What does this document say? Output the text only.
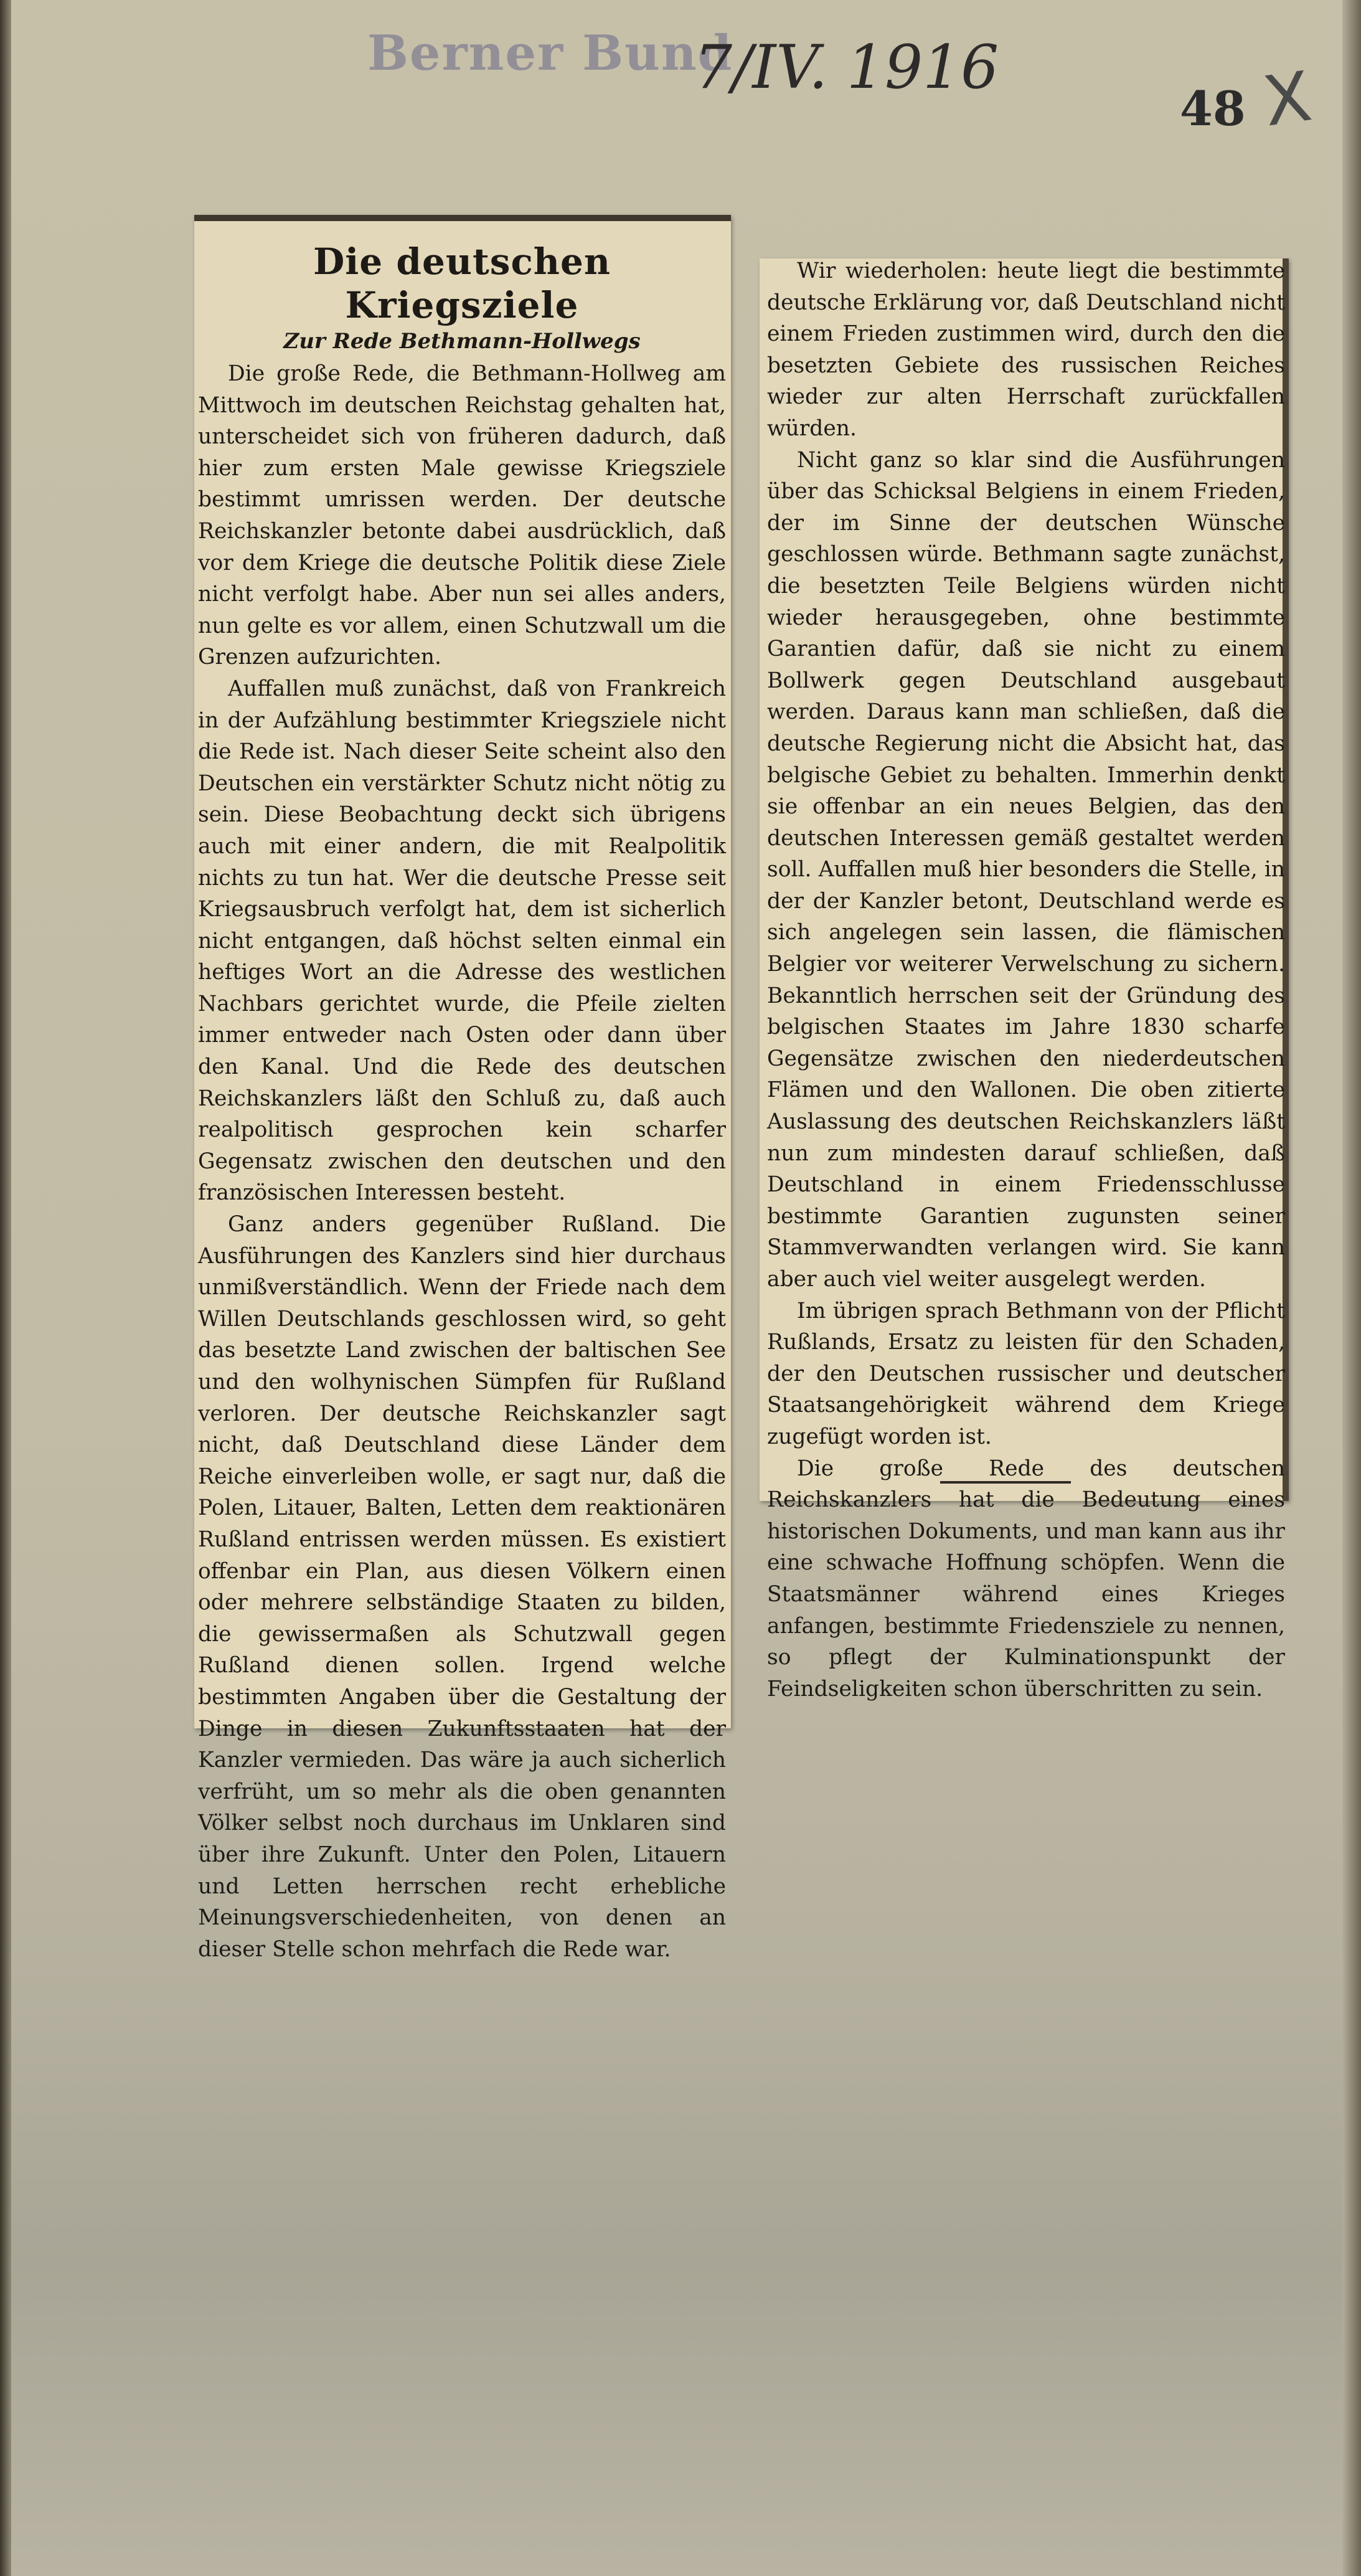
Berner Bund
7/IV. 1916
48 X
Die deutschen Kriegsziele

Zur Rede Bethmann-Hollwegs

Die große Rede, die Bethmann-Hollweg am Mittwoch im deutschen Reichstag gehalten hat, unterscheidet sich von früheren dadurch, daß hier zum ersten Male gewisse Kriegsziele bestimmt umrissen werden. Der deutsche Reichskanzler betonte dabei ausdrücklich, daß vor dem Kriege die deutsche Politik diese Ziele nicht verfolgt habe. Aber nun sei alles anders, nun gelte es vor allem, einen Schutzwall um die Grenzen aufzurichten.

Auffallen muß zunächst, daß von Frankreich in der Aufzählung bestimmter Kriegsziele nicht die Rede ist. Nach dieser Seite scheint also den Deutschen ein verstärkter Schutz nicht nötig zu sein. Diese Beobachtung deckt sich übrigens auch mit einer andern, die mit Realpolitik nichts zu tun hat. Wer die deutsche Presse seit Kriegsausbruch verfolgt hat, dem ist sicherlich nicht entgangen, daß höchst selten einmal ein heftiges Wort an die Adresse des westlichen Nachbars gerichtet wurde, die Pfeile zielten immer entweder nach Osten oder dann über den Kanal. Und die Rede des deutschen Reichskanzlers läßt den Schluß zu, daß auch realpolitisch gesprochen kein scharfer Gegensatz zwischen den deutschen und den französischen Interessen besteht.

Ganz anders gegenüber Rußland. Die Ausführungen des Kanzlers sind hier durchaus unmißverständlich. Wenn der Friede nach dem Willen Deutschlands geschlossen wird, so geht das besetzte Land zwischen der baltischen See und den wolhynischen Sümpfen für Rußland verloren. Der deutsche Reichskanzler sagt nicht, daß Deutschland diese Länder dem Reiche einverleiben wolle, er sagt nur, daß die Polen, Litauer, Balten, Letten dem reaktionären Rußland entrissen werden müssen. Es existiert offenbar ein Plan, aus diesen Völkern einen oder mehrere selbständige Staaten zu bilden, die gewissermaßen als Schutzwall gegen Rußland dienen sollen. Irgend welche bestimmten Angaben über die Gestaltung der Dinge in diesen Zukunftsstaaten hat der Kanzler vermieden. Das wäre ja auch sicherlich verfrüht, um so mehr als die oben genannten Völker selbst noch durchaus im Unklaren sind über ihre Zukunft. Unter den Polen, Litauern und Letten herrschen recht erhebliche Meinungsverschiedenheiten, von denen an dieser Stelle schon mehrfach die Rede war.

Wir wiederholen: heute liegt die bestimmte deutsche Erklärung vor, daß Deutschland nicht einem Frieden zustimmen wird, durch den die besetzten Gebiete des russischen Reiches wieder zur alten Herrschaft zurückfallen würden.

Nicht ganz so klar sind die Ausführungen über das Schicksal Belgiens in einem Frieden, der im Sinne der deutschen Wünsche geschlossen würde. Bethmann sagte zunächst, die besetzten Teile Belgiens würden nicht wieder herausgegeben, ohne bestimmte Garantien dafür, daß sie nicht zu einem Bollwerk gegen Deutschland ausgebaut werden. Daraus kann man schließen, daß die deutsche Regierung nicht die Absicht hat, das belgische Gebiet zu behalten. Immerhin denkt sie offenbar an ein neues Belgien, das den deutschen Interessen gemäß gestaltet werden soll. Auffallen muß hier besonders die Stelle, in der der Kanzler betont, Deutschland werde es sich angelegen sein lassen, die flämischen Belgier vor weiterer Verwelschung zu sichern. Bekanntlich herrschen seit der Gründung des belgischen Staates im Jahre 1830 scharfe Gegensätze zwischen den niederdeutschen Flämen und den Wallonen. Die oben zitierte Auslassung des deutschen Reichskanzlers läßt nun zum mindesten darauf schließen, daß Deutschland in einem Friedensschlusse bestimmte Garantien zugunsten seiner Stammverwandten verlangen wird. Sie kann aber auch viel weiter ausgelegt werden.

Im übrigen sprach Bethmann von der Pflicht Rußlands, Ersatz zu leisten für den Schaden, der den Deutschen russischer und deutscher Staatsangehörigkeit während dem Kriege zugefügt worden ist.

Die große Rede des deutschen Reichskanzlers hat die Bedeutung eines historischen Dokuments, und man kann aus ihr eine schwache Hoffnung schöpfen. Wenn die Staatsmänner während eines Krieges anfangen, bestimmte Friedensziele zu nennen, so pflegt der Kulminationspunkt der Feindseligkeiten schon überschritten zu sein.
